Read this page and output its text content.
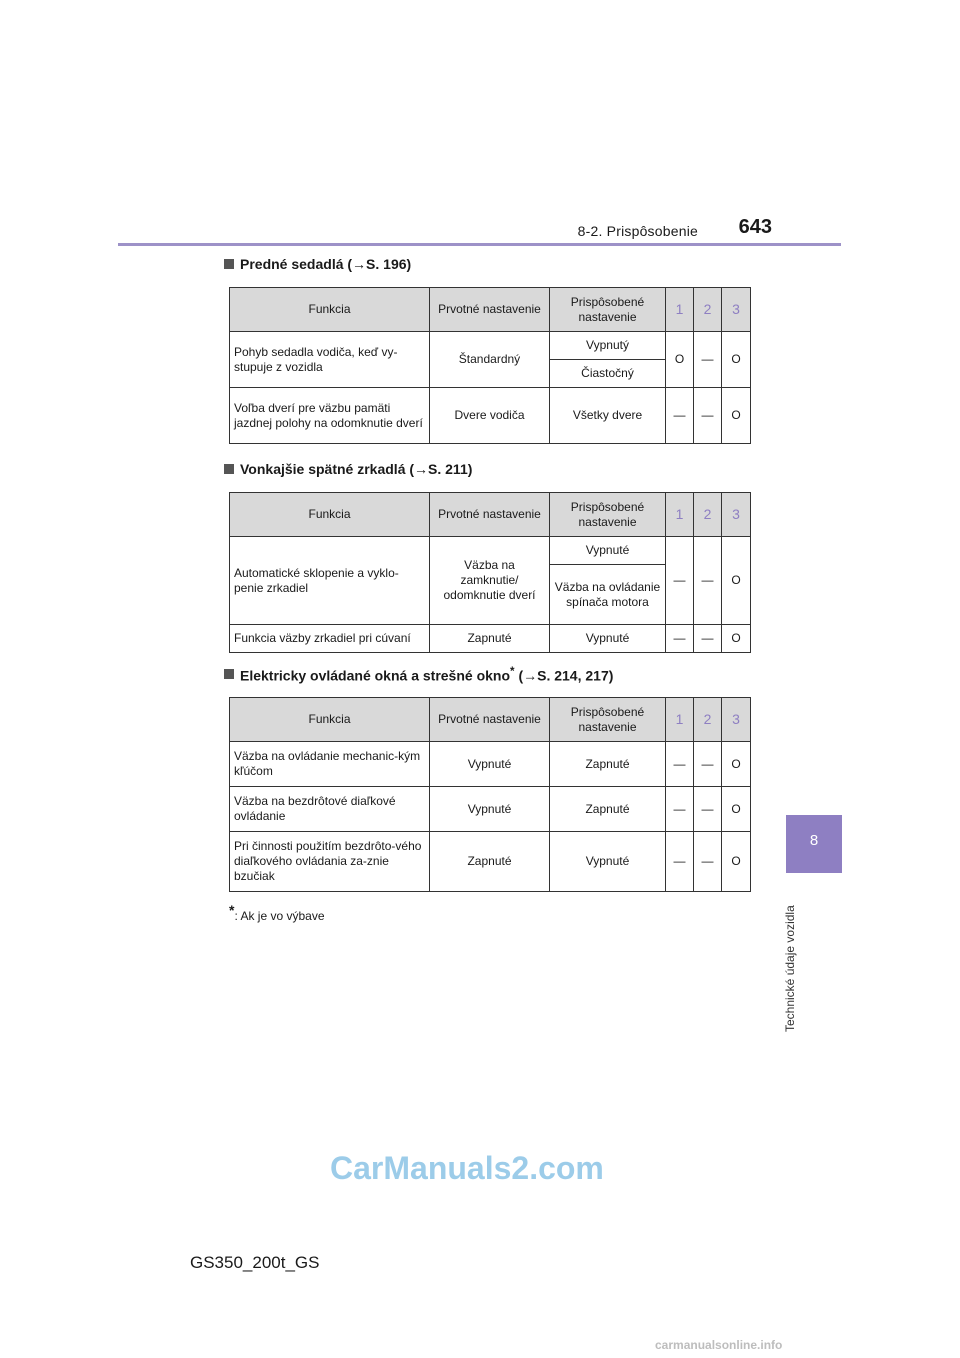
8-2. Prispôsobenie 643
8
Technické údaje vozidla
Predné sedadlá (→S. 196)
Funkcia	Prvotné nastavenie	Prispôsobené nastavenie	1	2	3
Pohyb sedadla vodiča, keď vy-stupuje z vozidla	Štandardný	Vypnutý	O	—	O
		Čiastočný			
Voľba dverí pre väzbu pamäti jazdnej polohy na odomknutie dverí	Dvere vodiča	Všetky dvere	—	—	O
Vonkajšie spätné zrkadlá (→S. 211)
Funkcia	Prvotné nastavenie	Prispôsobené nastavenie	1	2	3
Automatické sklopenie a vyklo-penie zrkadiel	Väzba na zamknutie/ odomknutie dverí	Vypnuté	—	—	O
		Väzba na ovládanie spínača motora			
Funkcia väzby zrkadiel pri cúvaní	Zapnuté	Vypnuté	—	—	O
Elektricky ovládané okná a strešné okno* (→S. 214, 217)
Funkcia	Prvotné nastavenie	Prispôsobené nastavenie	1	2	3
Väzba na ovládanie mechanic-kým kľúčom	Vypnuté	Zapnuté	—	—	O
Väzba na bezdrôtové diaľkové ovládanie	Vypnuté	Zapnuté	—	—	O
Pri činnosti použitím bezdrôto-vého diaľkového ovládania za-znie bzučiak	Zapnuté	Vypnuté	—	—	O
*: Ak je vo výbave
CarManuals2.com
GS350_200t_GS
carmanualsonline.info
